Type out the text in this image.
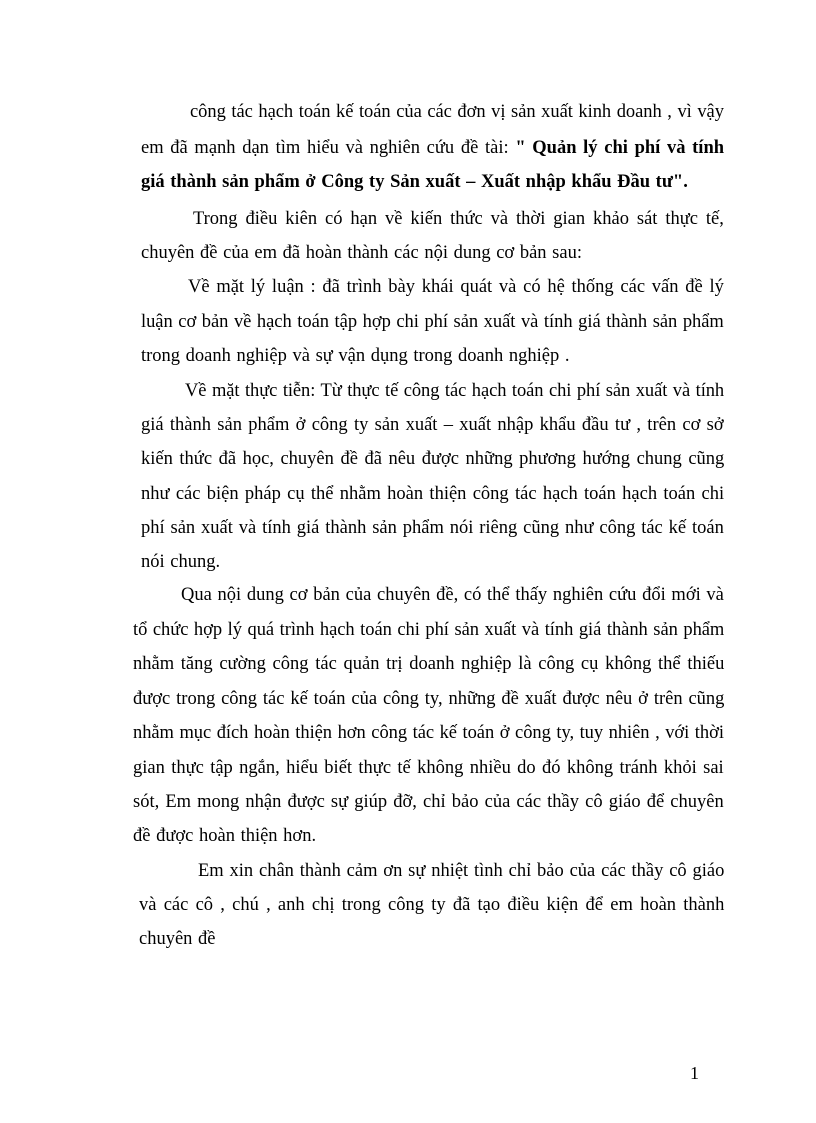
công tác hạch toán kế toán của các đơn vị sản xuất kinh doanh , vì vậy
em đã mạnh dạn tìm hiểu và nghiên cứu đề tài: " Quản lý chi phí và tính
giá thành sản phẩm ở Công ty Sản xuất – Xuất nhập khẩu Đầu tư".
Trong điều kiên có hạn về kiến thức và thời gian khảo sát thực tế,
chuyên đề của em đã hoàn thành các nội dung cơ bản sau:
Về mặt lý luận : đã trình bày khái quát và có hệ thống các vấn đề lý
luận cơ bản về hạch toán tập hợp chi phí sản xuất và tính giá thành sản phẩm
trong doanh nghiệp và sự vận dụng trong doanh nghiệp .
Về mặt thực tiễn: Từ thực tế công tác hạch toán chi phí sản xuất và tính
giá thành sản phẩm ở công ty sản xuất – xuất nhập khẩu đầu tư , trên cơ sở
kiến thức đã học, chuyên đề đã nêu được những phương hướng chung cũng
như các biện pháp cụ thể nhằm hoàn thiện công tác hạch toán hạch toán chi
phí sản xuất và tính giá thành sản phẩm nói riêng cũng như công tác kế toán
nói chung.
Qua nội dung cơ bản của chuyên đề, có thể thấy nghiên cứu đổi mới và
tổ chức hợp lý quá trình hạch toán chi phí sản xuất và tính giá thành sản phẩm
nhằm tăng cường công tác quản trị doanh nghiệp là công cụ không thể thiếu
được trong công tác kế toán của công ty, những đề xuất được nêu ở trên cũng
nhằm mục đích hoàn thiện hơn công tác kế toán ở công ty, tuy nhiên , với thời
gian thực tập ngắn, hiểu biết thực tế không nhiều do đó không tránh khỏi sai
sót, Em mong nhận được sự giúp đỡ, chỉ bảo của các thầy cô giáo để chuyên
đề được hoàn thiện hơn.
Em xin chân thành cảm ơn sự nhiệt tình chỉ bảo của các thầy cô giáo
và các cô , chú , anh chị trong công ty đã tạo điều kiện để em hoàn thành
chuyên đề
1
